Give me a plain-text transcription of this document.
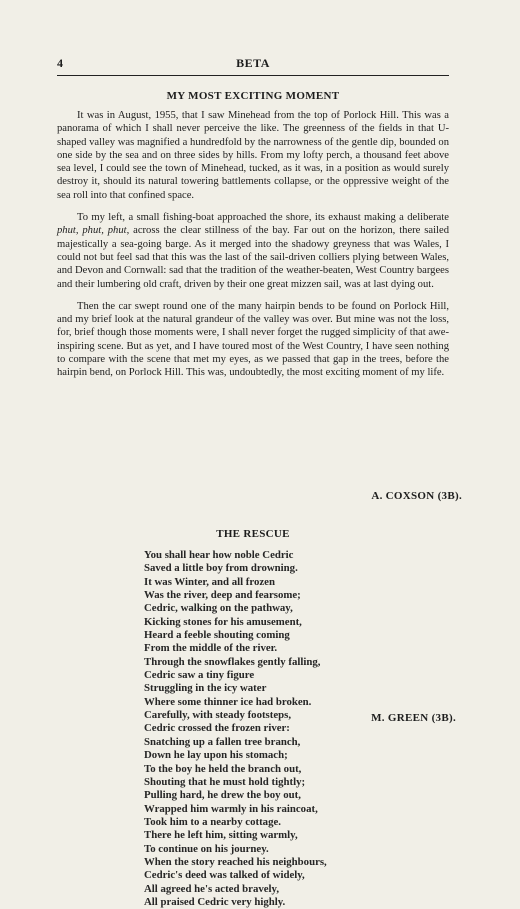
4	BETA
MY MOST EXCITING MOMENT

It was in August, 1955, that I saw Minehead from the top of Porlock Hill. This was a panorama of which I shall never perceive the like. The greenness of the fields in that U-shaped valley was magnified a hundredfold by the narrowness of the gentle dip, bounded on one side by the sea and on three sides by hills. From my lofty perch, a thousand feet above sea level, I could see the town of Minehead, tucked, as it was, in a position as would surely destroy it, should its natural towering battlements collapse, or the oppressive weight of the sea roll into that confined space.

To my left, a small fishing-boat approached the shore, its exhaust making a deliberate phut, phut, phut, across the clear stillness of the bay. Far out on the horizon, there sailed majestically a sea-going barge. As it merged into the shadowy greyness that was Wales, I could not but feel sad that this was the last of the sail-driven colliers plying between Wales, and Devon and Cornwall: sad that the tradition of the weather-beaten, West Country bargees and their lumbering old craft, driven by their one great mizzen sail, was at last dying out.

Then the car swept round one of the many hairpin bends to be found on Porlock Hill, and my brief look at the natural grandeur of the valley was over. But mine was not the loss, for, brief though those moments were, I shall never forget the rugged simplicity of that awe-inspiring scene. But as yet, and I have toured most of the West Country, I have seen nothing to compare with the scene that met my eyes, as we passed that gap in the trees, before the hairpin bend, on Porlock Hill. This was, undoubtedly, the most exciting moment of my life.

A. COXSON (3B).
THE RESCUE
You shall hear how noble Cedric
Saved a little boy from drowning.
It was Winter, and all frozen
Was the river, deep and fearsome;
Cedric, walking on the pathway,
Kicking stones for his amusement,
Heard a feeble shouting coming
From the middle of the river.
Through the snowflakes gently falling,
Cedric saw a tiny figure
Struggling in the icy water
Where some thinner ice had broken.
Carefully, with steady footsteps,
Cedric crossed the frozen river:
Snatching up a fallen tree branch,
Down he lay upon his stomach;
To the boy he held the branch out,
Shouting that he must hold tightly;
Pulling hard, he drew the boy out,
Wrapped him warmly in his raincoat,
Took him to a nearby cottage.
There he left him, sitting warmly,
To continue on his journey.
When the story reached his neighbours,
Cedric's deed was talked of widely,
All agreed he's acted bravely,
All praised Cedric very highly.
M. GREEN (3B).
